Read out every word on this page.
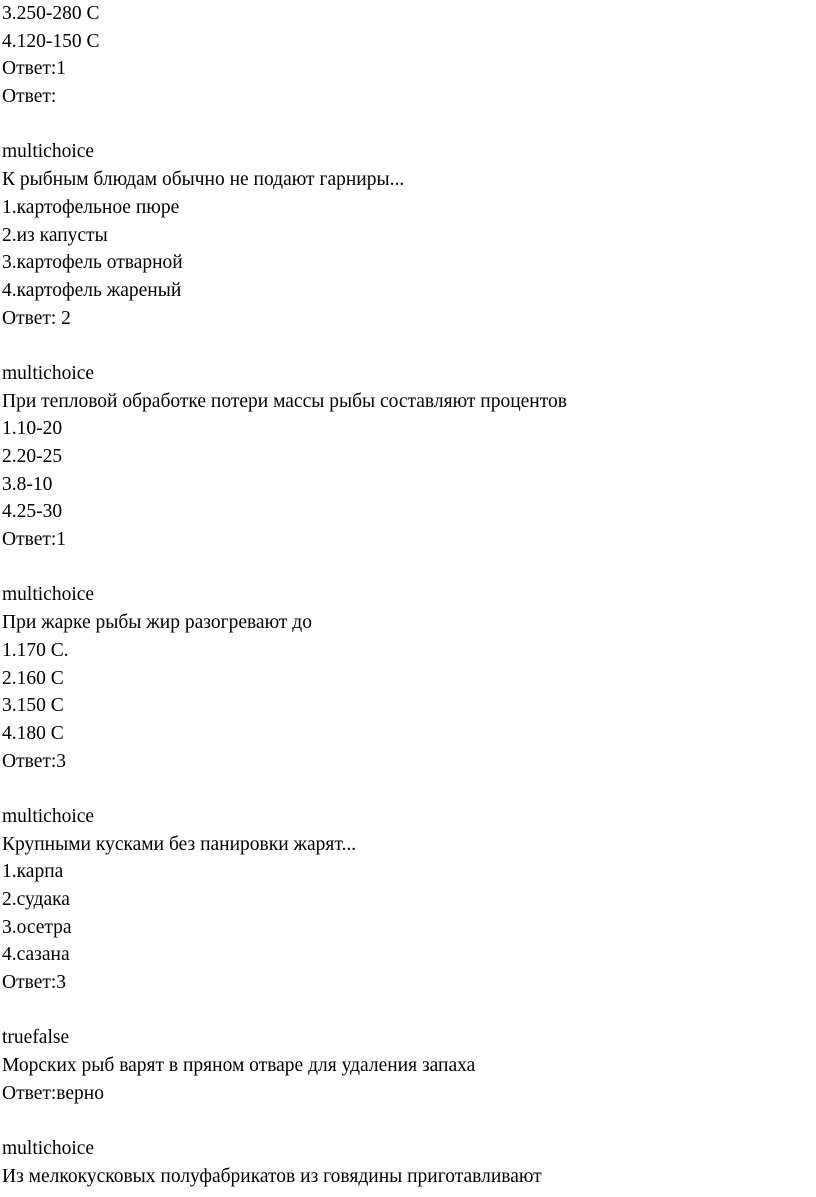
3.250-280 C
4.120-150 C
Ответ:1
Ответ:
multichoice
К рыбным блюдам обычно не подают гарниры...
1.картофельное пюре
2.из капусты
3.картофель отварной
4.картофель жареный
Ответ: 2
multichoice
При тепловой обработке потери массы рыбы составляют процентов
1.10-20
2.20-25
3.8-10
4.25-30
Ответ:1
multichoice
При жарке рыбы жир разогревают до
1.170 С.
2.160 С
3.150 С
4.180 С
Ответ:3
multichoice
Крупными кусками без панировки жарят...
1.карпа
2.судака
3.осетра
4.сазана
Ответ:3
truefalse
Морских рыб варят в пряном отваре для удаления запаха
Ответ:верно
multichoice
Из мелкокусковых полуфабрикатов из говядины приготавливают
